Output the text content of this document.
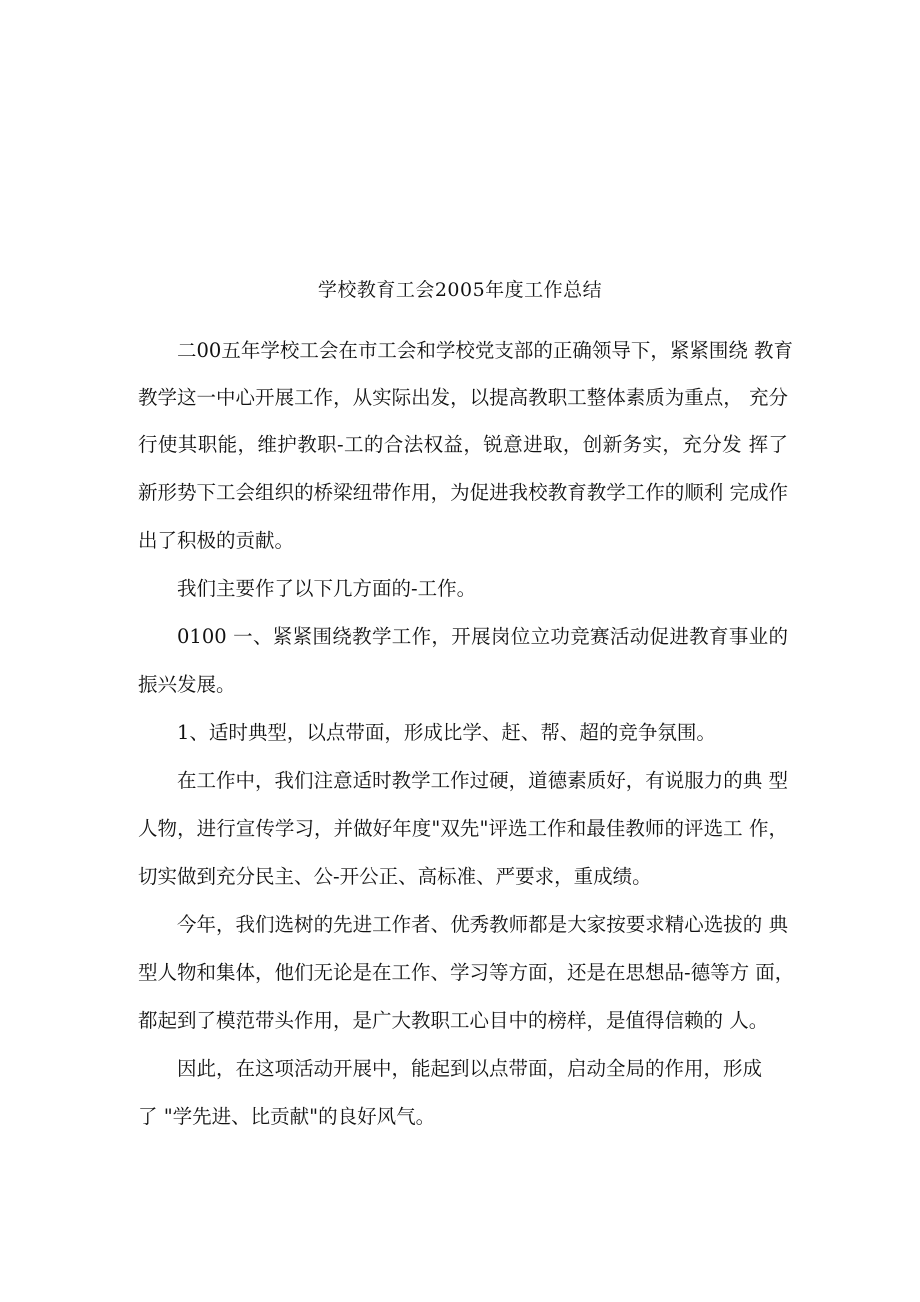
学校教育工会2005年度工作总结
二00五年学校工会在市工会和学校党支部的正确领导下，紧紧围绕 教育
教学这一中心开展工作，从实际出发，以提高教职工整体素质为重点， 充分
行使其职能，维护教职-工的合法权益，锐意进取，创新务实，充分发 挥了
新形势下工会组织的桥梁纽带作用，为促进我校教育教学工作的顺利 完成作
出了积极的贡献。
我们主要作了以下几方面的-工作。
0100 一、紧紧围绕教学工作，开展岗位立功竞赛活动促进教育事业的
振兴发展。
1、适时典型，以点带面，形成比学、赶、帮、超的竞争氛围。
在工作中，我们注意适时教学工作过硬，道德素质好，有说服力的典 型
人物，进行宣传学习，并做好年度"双先"评选工作和最佳教师的评选工 作，
切实做到充分民主、公-开公正、高标准、严要求，重成绩。
今年，我们选树的先进工作者、优秀教师都是大家按要求精心选拔的 典
型人物和集体，他们无论是在工作、学习等方面，还是在思想品-德等方 面，
都起到了模范带头作用，是广大教职工心目中的榜样，是值得信赖的 人。
因此，在这项活动开展中，能起到以点带面，启动全局的作用，形成
了 "学先进、比贡献"的良好风气。
